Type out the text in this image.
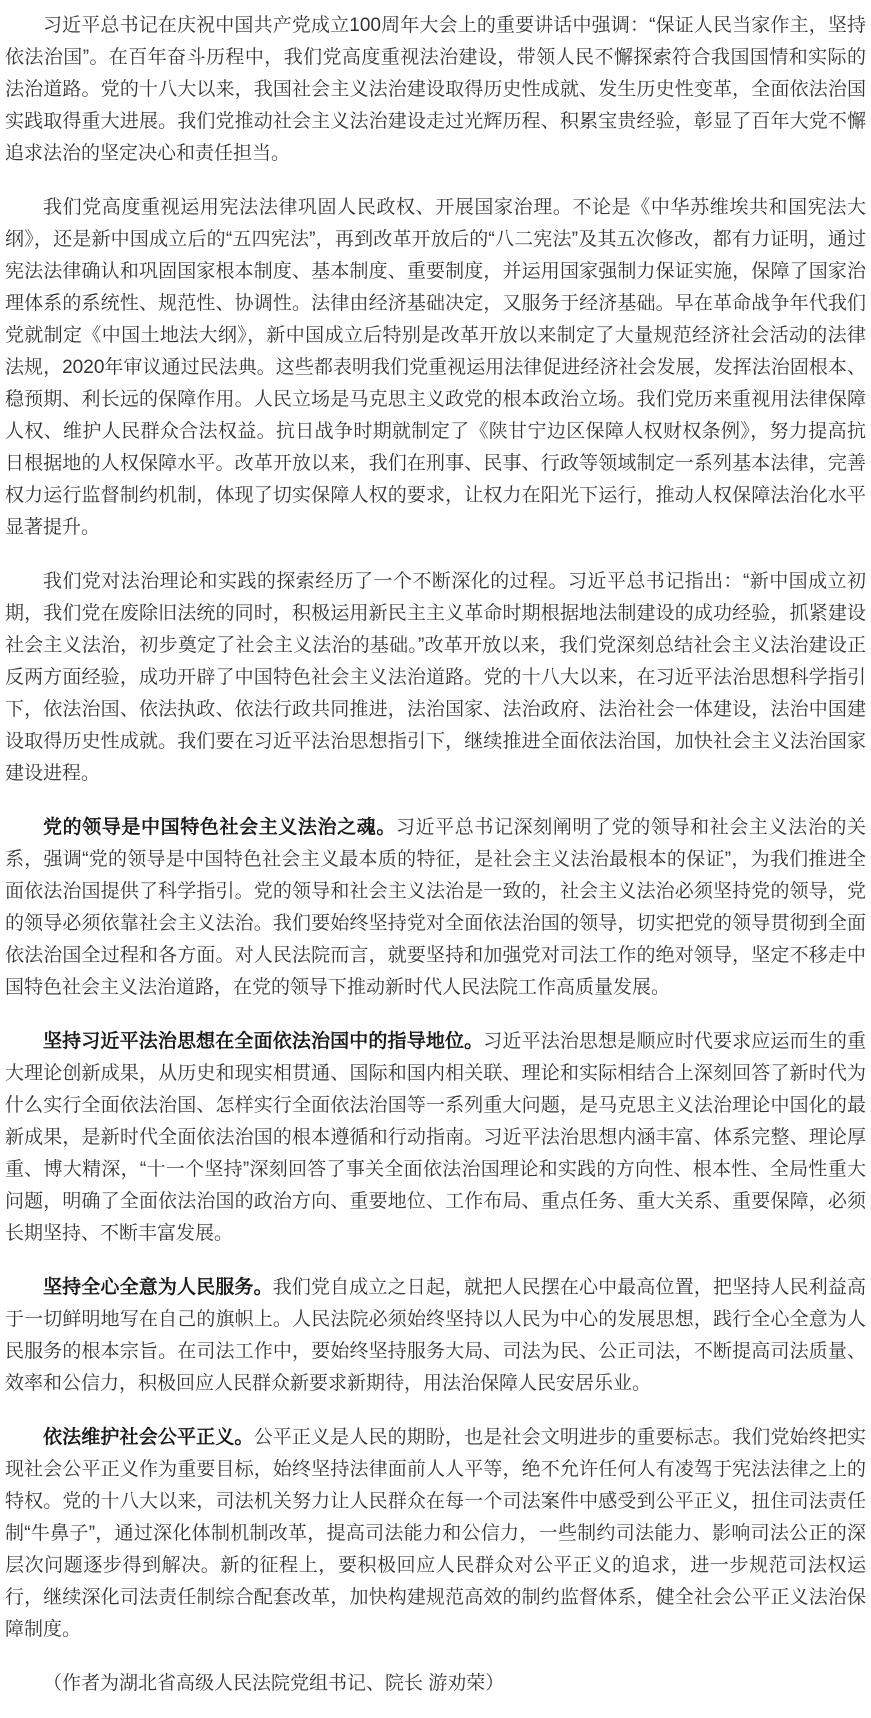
习近平总书记在庆祝中国共产党成立100周年大会上的重要讲话中强调：“保证人民当家作主，坚持依法治国”。在百年奋斗历程中，我们党高度重视法治建设，带领人民不懈探索符合我国国情和实际的法治道路。党的十八大以来，我国社会主义法治建设取得历史性成就、发生历史性变革，全面依法治国实践取得重大进展。我们党推动社会主义法治建设走过光辉历程、积累宝贵经验，彰显了百年大党不懈追求法治的坚定决心和责任担当。

我们党高度重视运用宪法法律巩固人民政权、开展国家治理。不论是《中华苏维埃共和国宪法大纲》，还是新中国成立后的“五四宪法”，再到改革开放后的“八二宪法”及其五次修改，都有力证明，通过宪法法律确认和巩固国家根本制度、基本制度、重要制度，并运用国家强制力保证实施，保障了国家治理体系的系统性、规范性、协调性。法律由经济基础决定，又服务于经济基础。早在革命战争年代我们党就制定《中国土地法大纲》，新中国成立后特别是改革开放以来制定了大量规范经济社会活动的法律法规，2020年审议通过民法典。这些都表明我们党重视运用法律促进经济社会发展，发挥法治固根本、稳预期、利长远的保障作用。人民立场是马克思主义政党的根本政治立场。我们党历来重视用法律保障人权、维护人民群众合法权益。抗日战争时期就制定了《陕甘宁边区保障人权财权条例》，努力提高抗日根据地的人权保障水平。改革开放以来，我们在刑事、民事、行政等领域制定一系列基本法律，完善权力运行监督制约机制，体现了切实保障人权的要求，让权力在阳光下运行，推动人权保障法治化水平显著提升。

我们党对法治理论和实践的探索经历了一个不断深化的过程。习近平总书记指出：“新中国成立初期，我们党在废除旧法统的同时，积极运用新民主主义革命时期根据地法制建设的成功经验，抓紧建设社会主义法治，初步奠定了社会主义法治的基础。”改革开放以来，我们党深刻总结社会主义法治建设正反两方面经验，成功开辟了中国特色社会主义法治道路。党的十八大以来，在习近平法治思想科学指引下，依法治国、依法执政、依法行政共同推进，法治国家、法治政府、法治社会一体建设，法治中国建设取得历史性成就。我们要在习近平法治思想指引下，继续推进全面依法治国，加快社会主义法治国家建设进程。

党的领导是中国特色社会主义法治之魂。习近平总书记深刻阐明了党的领导和社会主义法治的关系，强调“党的领导是中国特色社会主义最本质的特征，是社会主义法治最根本的保证”，为我们推进全面依法治国提供了科学指引。党的领导和社会主义法治是一致的，社会主义法治必须坚持党的领导，党的领导必须依靠社会主义法治。我们要始终坚持党对全面依法治国的领导，切实把党的领导贯彻到全面依法治国全过程和各方面。对人民法院而言，就要坚持和加强党对司法工作的绝对领导，坚定不移走中国特色社会主义法治道路，在党的领导下推动新时代人民法院工作高质量发展。

坚持习近平法治思想在全面依法治国中的指导地位。习近平法治思想是顺应时代要求应运而生的重大理论创新成果，从历史和现实相贯通、国际和国内相关联、理论和实际相结合上深刻回答了新时代为什么实行全面依法治国、怎样实行全面依法治国等一系列重大问题，是马克思主义法治理论中国化的最新成果，是新时代全面依法治国的根本遵循和行动指南。习近平法治思想内涵丰富、体系完整、理论厚重、博大精深，“十一个坚持”深刻回答了事关全面依法治国理论和实践的方向性、根本性、全局性重大问题，明确了全面依法治国的政治方向、重要地位、工作布局、重点任务、重大关系、重要保障，必须长期坚持、不断丰富发展。

坚持全心全意为人民服务。我们党自成立之日起，就把人民摆在心中最高位置，把坚持人民利益高于一切鲜明地写在自己的旗帜上。人民法院必须始终坚持以人民为中心的发展思想，践行全心全意为人民服务的根本宗旨。在司法工作中，要始终坚持服务大局、司法为民、公正司法，不断提高司法质量、效率和公信力，积极回应人民群众新要求新期待，用法治保障人民安居乐业。

依法维护社会公平正义。公平正义是人民的期盼，也是社会文明进步的重要标志。我们党始终把实现社会公平正义作为重要目标，始终坚持法律面前人人平等，绝不允许任何人有凌驾于宪法法律之上的特权。党的十八大以来，司法机关努力让人民群众在每一个司法案件中感受到公平正义，扭住司法责任制“牛鼻子”，通过深化体制机制改革，提高司法能力和公信力，一些制约司法能力、影响司法公正的深层次问题逐步得到解决。新的征程上，要积极回应人民群众对公平正义的追求，进一步规范司法权运行，继续深化司法责任制综合配套改革，加快构建规范高效的制约监督体系，健全社会公平正义法治保障制度。

（作者为湖北省高级人民法院党组书记、院长 游劝荣）
